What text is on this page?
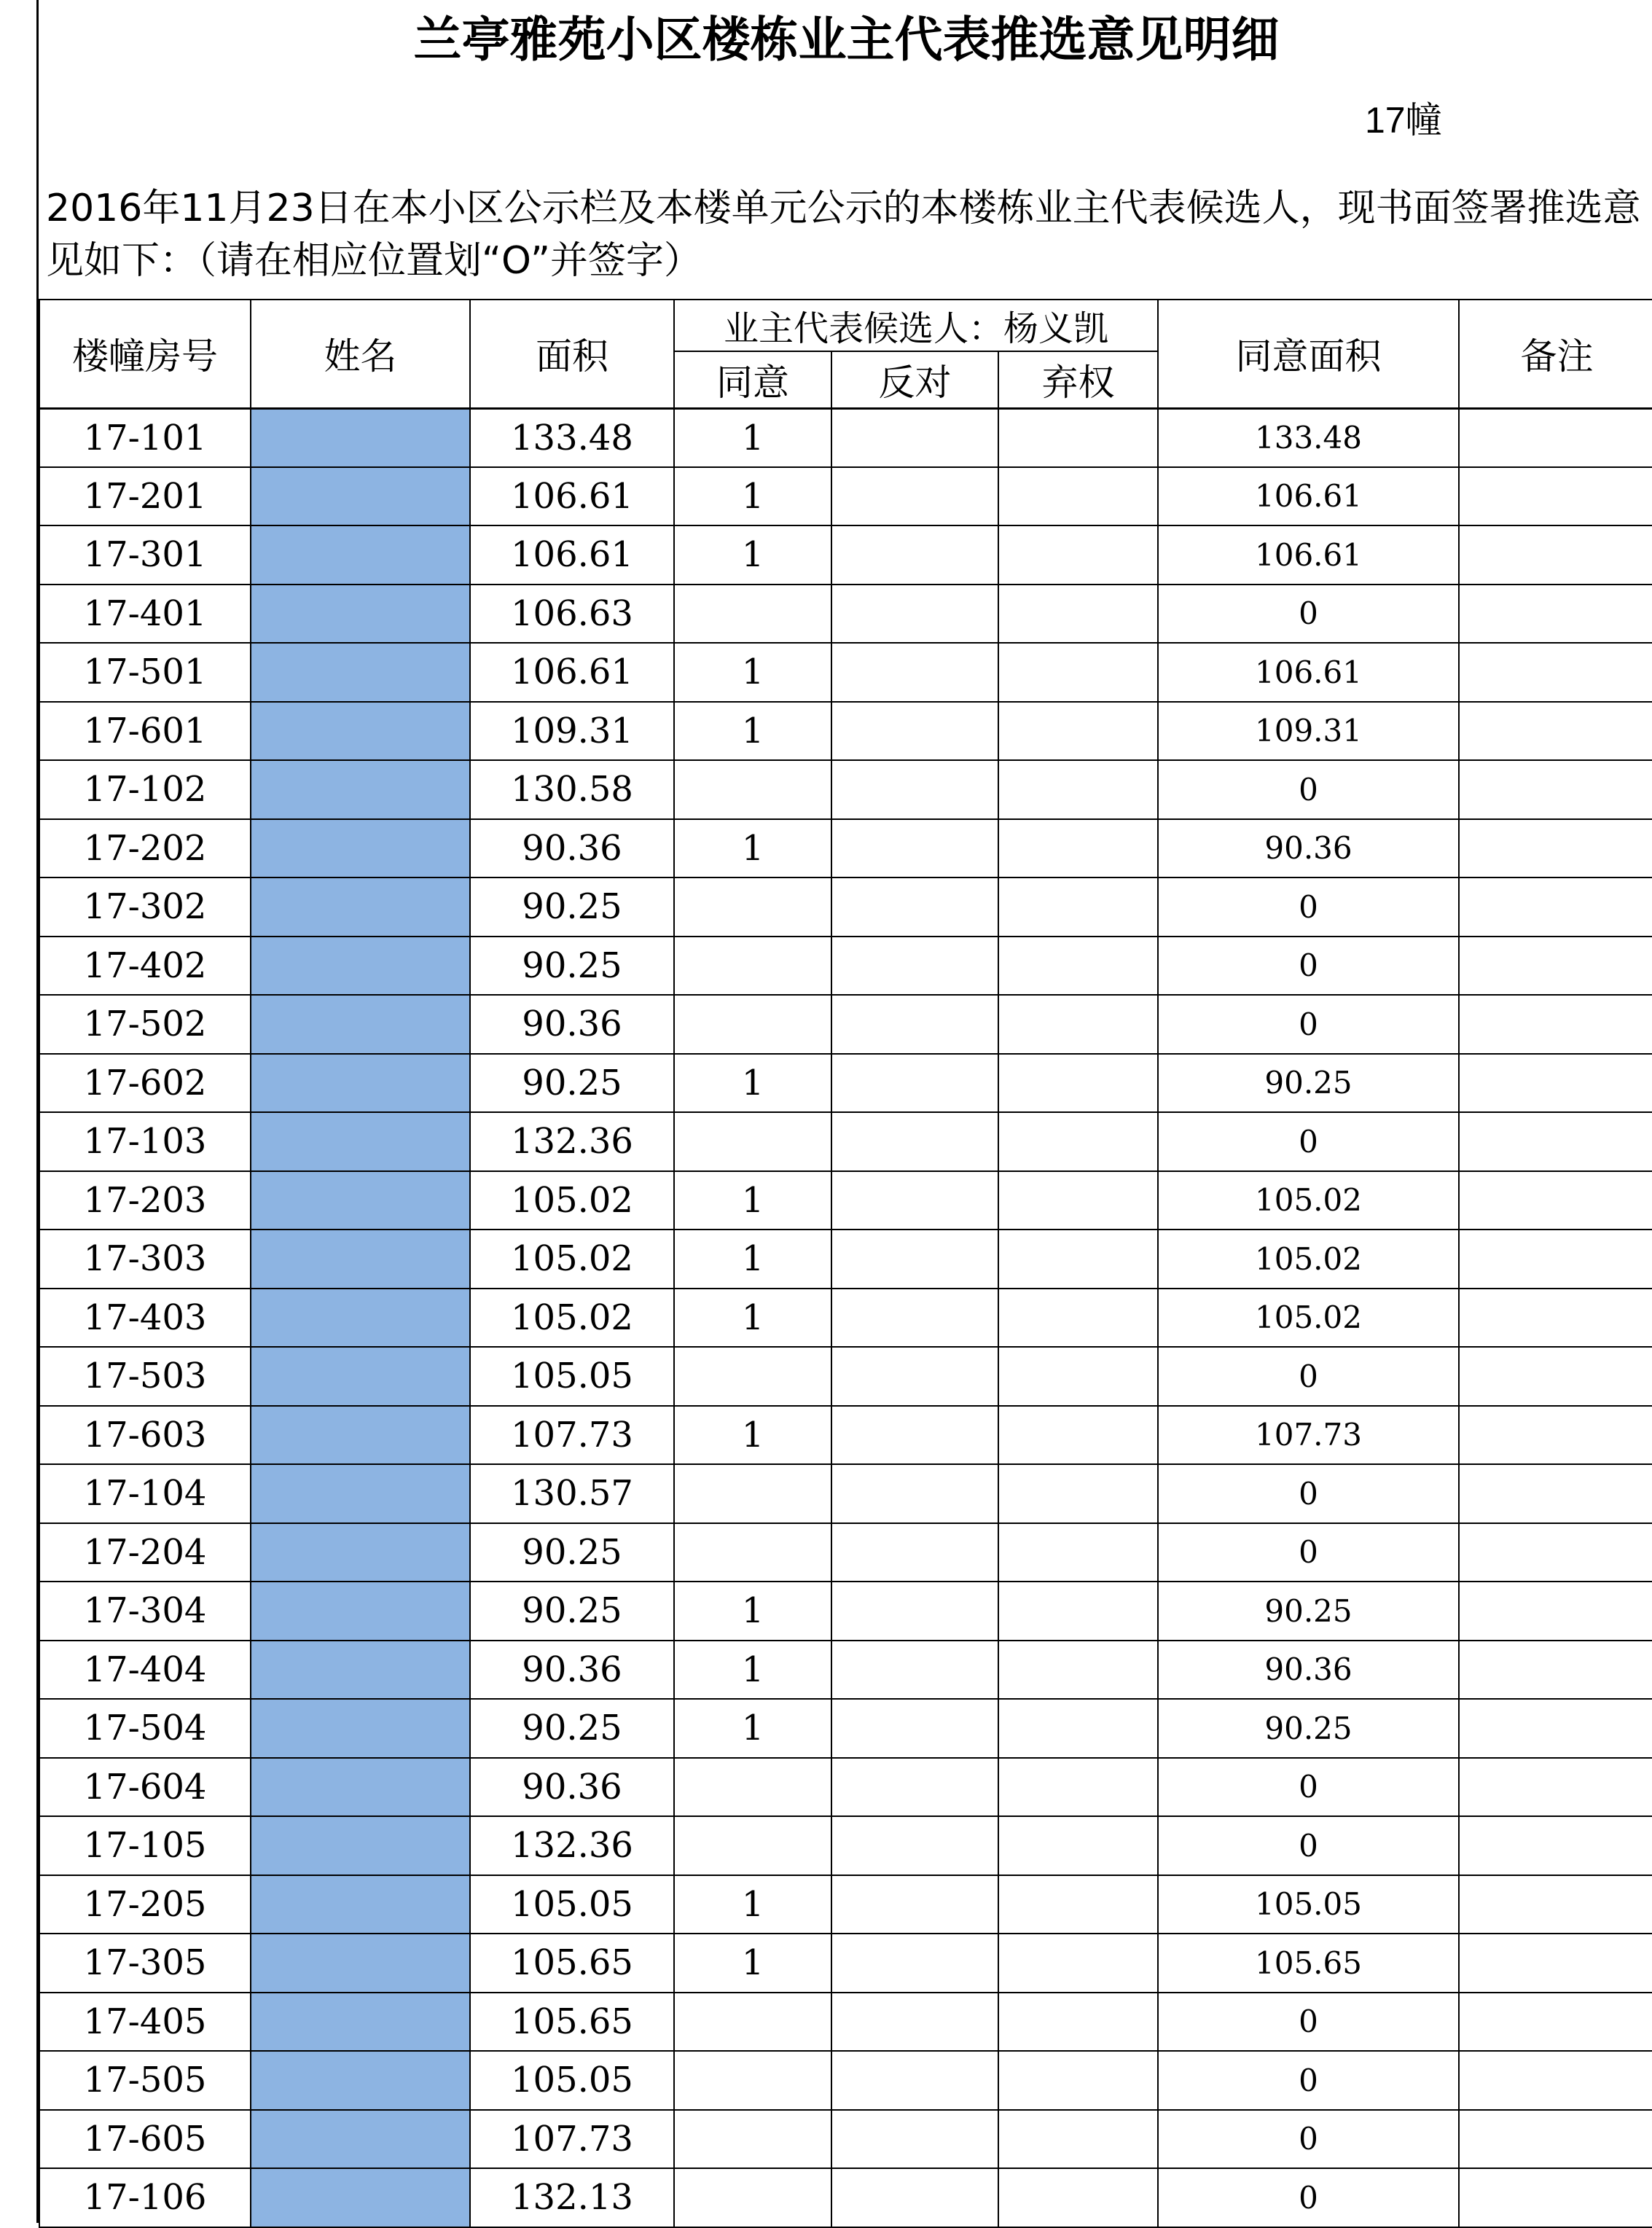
兰亭雅苑小区楼栋业主代表推选意见明细
17幢
2016年11月23日在本小区公示栏及本楼单元公示的本楼栋业主代表候选人，现书面签署推选意见如下：（请在相应位置划“O”并签字）
楼幢房号	姓名	面积	业主代表候选人：杨义凯			同意面积	备注
			同意	反对	弃权		
17-101		133.48	1			133.48	
17-201		106.61	1			106.61	
17-301		106.61	1			106.61	
17-401		106.63				0	
17-501		106.61	1			106.61	
17-601		109.31	1			109.31	
17-102		130.58				0	
17-202		90.36	1			90.36	
17-302		90.25				0	
17-402		90.25				0	
17-502		90.36				0	
17-602		90.25	1			90.25	
17-103		132.36				0	
17-203		105.02	1			105.02	
17-303		105.02	1			105.02	
17-403		105.02	1			105.02	
17-503		105.05				0	
17-603		107.73	1			107.73	
17-104		130.57				0	
17-204		90.25				0	
17-304		90.25	1			90.25	
17-404		90.36	1			90.36	
17-504		90.25	1			90.25	
17-604		90.36				0	
17-105		132.36				0	
17-205		105.05	1			105.05	
17-305		105.65	1			105.65	
17-405		105.65				0	
17-505		105.05				0	
17-605		107.73				0	
17-106		132.13				0	
